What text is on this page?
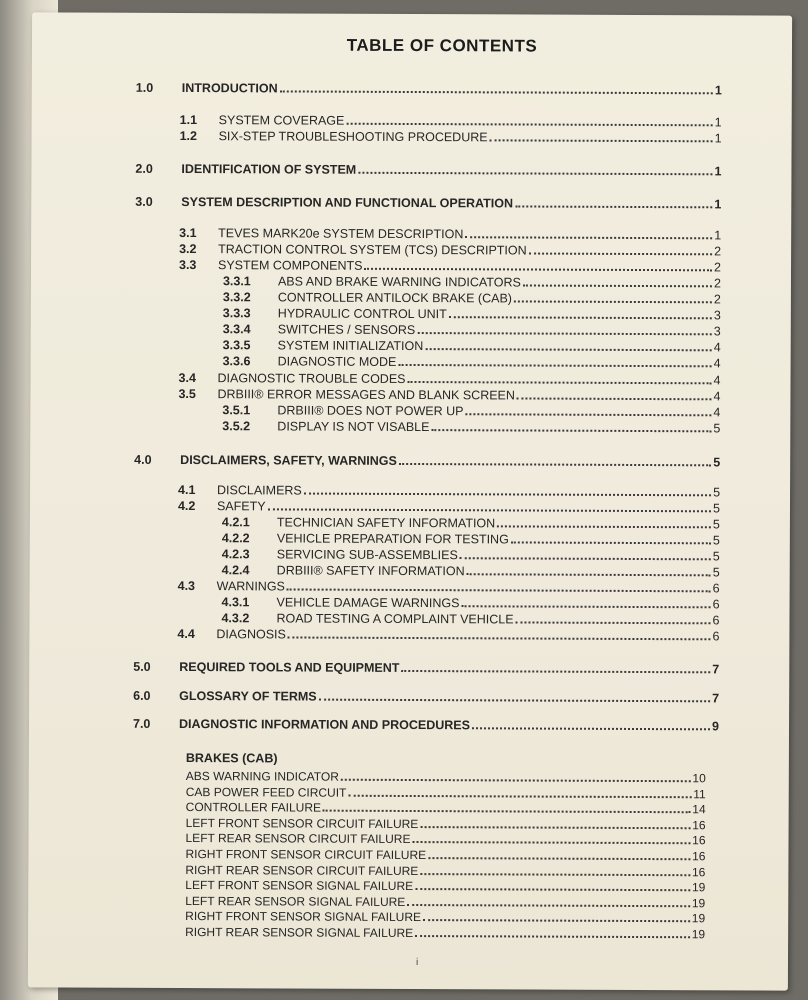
TABLE OF CONTENTS
1.0 INTRODUCTION	1
1.1 SYSTEM COVERAGE	1
1.2 SIX-STEP TROUBLESHOOTING PROCEDURE	1
2.0 IDENTIFICATION OF SYSTEM	1
3.0 SYSTEM DESCRIPTION AND FUNCTIONAL OPERATION	1
3.1 TEVES MARK20e SYSTEM DESCRIPTION	1
3.2 TRACTION CONTROL SYSTEM (TCS) DESCRIPTION	2
3.3 SYSTEM COMPONENTS	2
3.3.1 ABS AND BRAKE WARNING INDICATORS	2
3.3.2 CONTROLLER ANTILOCK BRAKE (CAB)	2
3.3.3 HYDRAULIC CONTROL UNIT	3
3.3.4 SWITCHES / SENSORS	3
3.3.5 SYSTEM INITIALIZATION	4
3.3.6 DIAGNOSTIC MODE	4
3.4 DIAGNOSTIC TROUBLE CODES	4
3.5 DRBIII® ERROR MESSAGES AND BLANK SCREEN	4
3.5.1 DRBIII® DOES NOT POWER UP	4
3.5.2 DISPLAY IS NOT VISABLE	5
4.0 DISCLAIMERS, SAFETY, WARNINGS	5
4.1 DISCLAIMERS	5
4.2 SAFETY	5
4.2.1 TECHNICIAN SAFETY INFORMATION	5
4.2.2 VEHICLE PREPARATION FOR TESTING	5
4.2.3 SERVICING SUB-ASSEMBLIES	5
4.2.4 DRBIII® SAFETY INFORMATION	5
4.3 WARNINGS	6
4.3.1 VEHICLE DAMAGE WARNINGS	6
4.3.2 ROAD TESTING A COMPLAINT VEHICLE	6
4.4 DIAGNOSIS	6
5.0 REQUIRED TOOLS AND EQUIPMENT	7
6.0 GLOSSARY OF TERMS	7
7.0 DIAGNOSTIC INFORMATION AND PROCEDURES	9
BRAKES (CAB)
ABS WARNING INDICATOR	10
CAB POWER FEED CIRCUIT	11
CONTROLLER FAILURE	14
LEFT FRONT SENSOR CIRCUIT FAILURE	16
LEFT REAR SENSOR CIRCUIT FAILURE	16
RIGHT FRONT SENSOR CIRCUIT FAILURE	16
RIGHT REAR SENSOR CIRCUIT FAILURE	16
LEFT FRONT SENSOR SIGNAL FAILURE	19
LEFT REAR SENSOR SIGNAL FAILURE	19
RIGHT FRONT SENSOR SIGNAL FAILURE	19
RIGHT REAR SENSOR SIGNAL FAILURE	19
i
